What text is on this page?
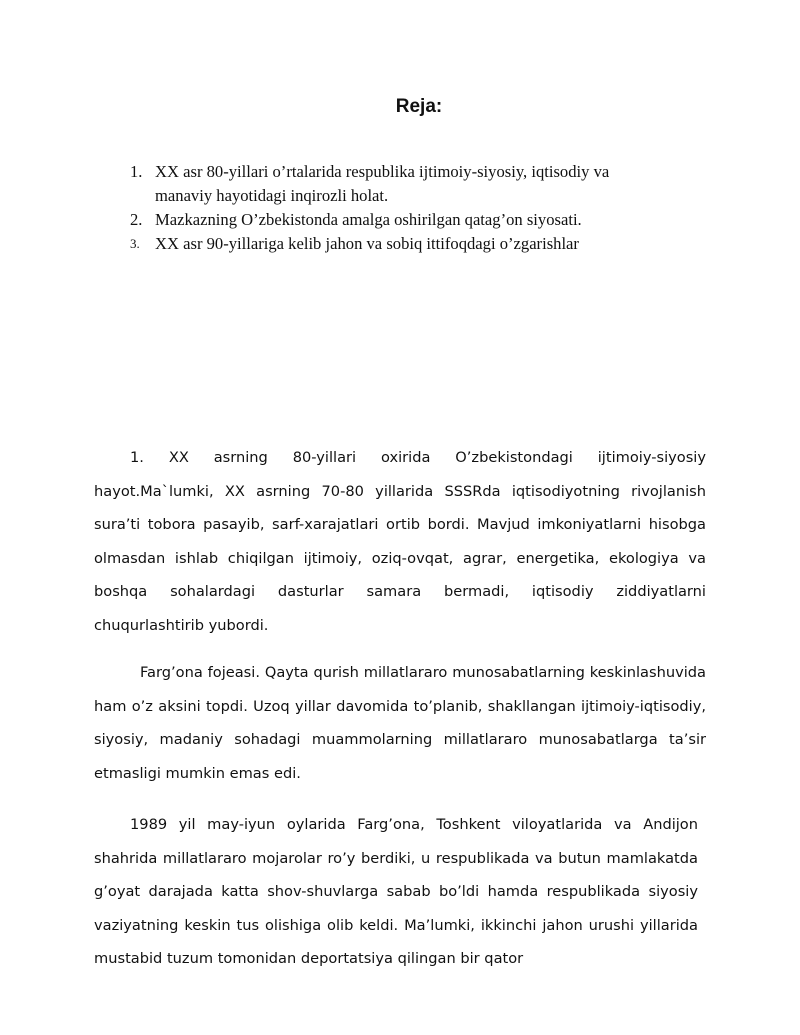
Reja:
1. XX asr 80-yillari o’rtalarida respublika ijtimoiy-siyosiy, iqtisodiy va manaviy hayotidagi inqirozli holat.
2. Mazkazning O’zbekistonda amalga oshirilgan qatag’on siyosati.
3. XX asr 90-yillariga kelib jahon va sobiq ittifoqdagi o’zgarishlar

1. XX asrning 80-yillari oxirida O’zbekistondagi ijtimoiy-siyosiy hayot.Ma`lumki, XX asrning 70-80 yillarida SSSRda iqtisodiyotning rivojlanish sura’ti tobora pasayib, sarf-xarajatlari ortib bordi. Mavjud imkoniyatlarni hisobga olmasdan ishlab chiqilgan ijtimoiy, oziq-ovqat, agrar, energetika, ekologiya va boshqa sohalardagi dasturlar samara bermadi, iqtisodiy ziddiyatlarni chuqurlashtirib yubordi.

Farg’ona fojeasi. Qayta qurish millatlararo munosabatlarning keskinlashuvida ham o’z aksini topdi. Uzoq yillar davomida to’planib, shakllangan ijtimoiy-iqtisodiy, siyosiy, madaniy sohadagi muammolarning millatlararo munosabatlarga ta’sir etmasligi mumkin emas edi.

1989 yil may-iyun oylarida Farg’ona, Toshkent viloyatlarida va Andijon shahrida millatlararo mojarolar ro’y berdiki, u respublikada va butun mamlakatda g’oyat darajada katta shov-shuvlarga sabab bo’ldi hamda respublikada siyosiy vaziyatning keskin tus olishiga olib keldi. Ma’lumki, ikkinchi jahon urushi yillarida mustabid tuzum tomonidan deportatsiya qilingan bir qator
